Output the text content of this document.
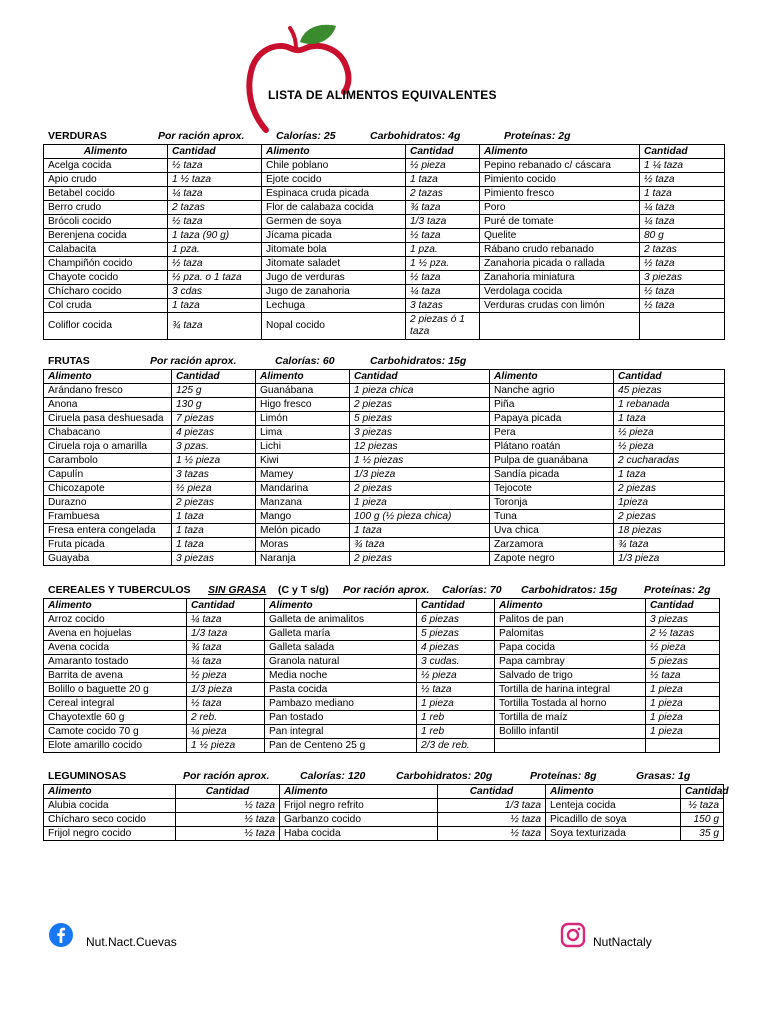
LISTA DE ALIMENTOS EQUIVALENTES
VERDURAS	Por ración aprox.	Calorías: 25	Carbohidratos: 4g	Proteínas: 2g
Alimento	Cantidad	Alimento	Cantidad	Alimento	Cantidad
Acelga cocida	½ taza	Chile poblano	½ pieza	Pepino rebanado c/ cáscara	1 ¼ taza
Apio crudo	1 ½ taza	Ejote cocido	1 taza	Pimiento cocido	½ taza
Betabel cocido	¼ taza	Espinaca cruda picada	2 tazas	Pimiento fresco	1 taza
Berro crudo	2 tazas	Flor de calabaza cocida	¾ taza	Poro	¼ taza
Brócoli cocido	½ taza	Germen de soya	1/3 taza	Puré de tomate	¼ taza
Berenjena cocida	1 taza (90 g)	Jícama picada	½ taza	Quelite	80 g
Calabacita	1 pza.	Jitomate bola	1 pza.	Rábano crudo rebanado	2 tazas
Champiñón cocido	½ taza	Jitomate saladet	1 ½ pza.	Zanahoria picada o rallada	½ taza
Chayote cocido	½ pza. o 1 taza	Jugo de verduras	½ taza	Zanahoria miniatura	3 piezas
Chícharo cocido	3 cdas	Jugo de zanahoria	¼ taza	Verdolaga cocida	½ taza
Col cruda	1 taza	Lechuga	3 tazas	Verduras crudas con limón	½ taza
Coliflor cocida	¾ taza	Nopal cocido	2 piezas ó 1 taza		
FRUTAS	Por ración aprox.	Calorías: 60	Carbohidratos: 15g
Alimento	Cantidad	Alimento	Cantidad	Alimento	Cantidad
Arándano fresco	125 g	Guanábana	1 pieza chica	Nanche agrio	45 piezas
Anona	130 g	Higo fresco	2 piezas	Piña	1 rebanada
Ciruela pasa deshuesada	7 piezas	Limón	5 piezas	Papaya picada	1 taza
Chabacano	4 piezas	Lima	3 piezas	Pera	½ pieza
Ciruela roja o amarilla	3 pzas.	Lichi	12 piezas	Plátano roatán	½ pieza
Carambolo	1 ½ pieza	Kiwi	1 ½ piezas	Pulpa de guanábana	2 cucharadas
Capulín	3 tazas	Mamey	1/3 pieza	Sandía picada	1 taza
Chicozapote	½ pieza	Mandarina	2 piezas	Tejocote	2 piezas
Durazno	2 piezas	Manzana	1 pieza	Toronja	1pieza
Frambuesa	1 taza	Mango	100 g (½ pieza chica)	Tuna	2 piezas
Fresa entera congelada	1 taza	Melón picado	1 taza	Uva chica	18 piezas
Fruta picada	1 taza	Moras	¾ taza	Zarzamora	¾ taza
Guayaba	3 piezas	Naranja	2 piezas	Zapote negro	1/3 pieza
CEREALES Y TUBERCULOS SIN GRASA (C y T s/g) Por ración aprox. Calorías: 70 Carbohidratos: 15g	Proteínas: 2g
Alimento	Cantidad	Alimento	Cantidad	Alimento	Cantidad
Arroz cocido	¼ taza	Galleta de animalitos	6 piezas	Palitos de pan	3 piezas
Avena en hojuelas	1/3 taza	Galleta maría	5 piezas	Palomitas	2 ½ tazas
Avena cocida	¾ taza	Galleta salada	4 piezas	Papa cocida	½ pieza
Amaranto tostado	¼ taza	Granola natural	3 cudas.	Papa cambray	5 piezas
Barrita de avena	½ pieza	Media noche	½ pieza	Salvado de trigo	½ taza
Bolillo o baguette 20 g	1/3 pieza	Pasta cocida	½ taza	Tortilla de harina integral	1 pieza
Cereal integral	½ taza	Pambazo mediano	1 pieza	Tortilla Tostada al horno	1 pieza
Chayotextle 60 g	2 reb.	Pan tostado	1 reb	Tortilla de maíz	1 pieza
Camote cocido 70 g	¼ pieza	Pan integral	1 reb	Bolillo infantil	1 pieza
Elote amarillo cocido	1 ½ pieza	Pan de Centeno 25 g	2/3 de reb.		
LEGUMINOSAS	Por ración aprox.	Calorías: 120	Carbohidratos: 20g	Proteínas: 8g	Grasas: 1g
Alimento	Cantidad	Alimento	Cantidad	Alimento	Cantidad
Alubia cocida	½ taza	Frijol negro refrito	1/3 taza	Lenteja cocida	½ taza
Chícharo seco cocido	½ taza	Garbanzo cocido	½ taza	Picadillo de soya	150 g
Frijol negro cocido	½ taza	Haba cocida	½ taza	Soya texturizada	35 g
Nut.Nact.Cuevas	NutNactaly
